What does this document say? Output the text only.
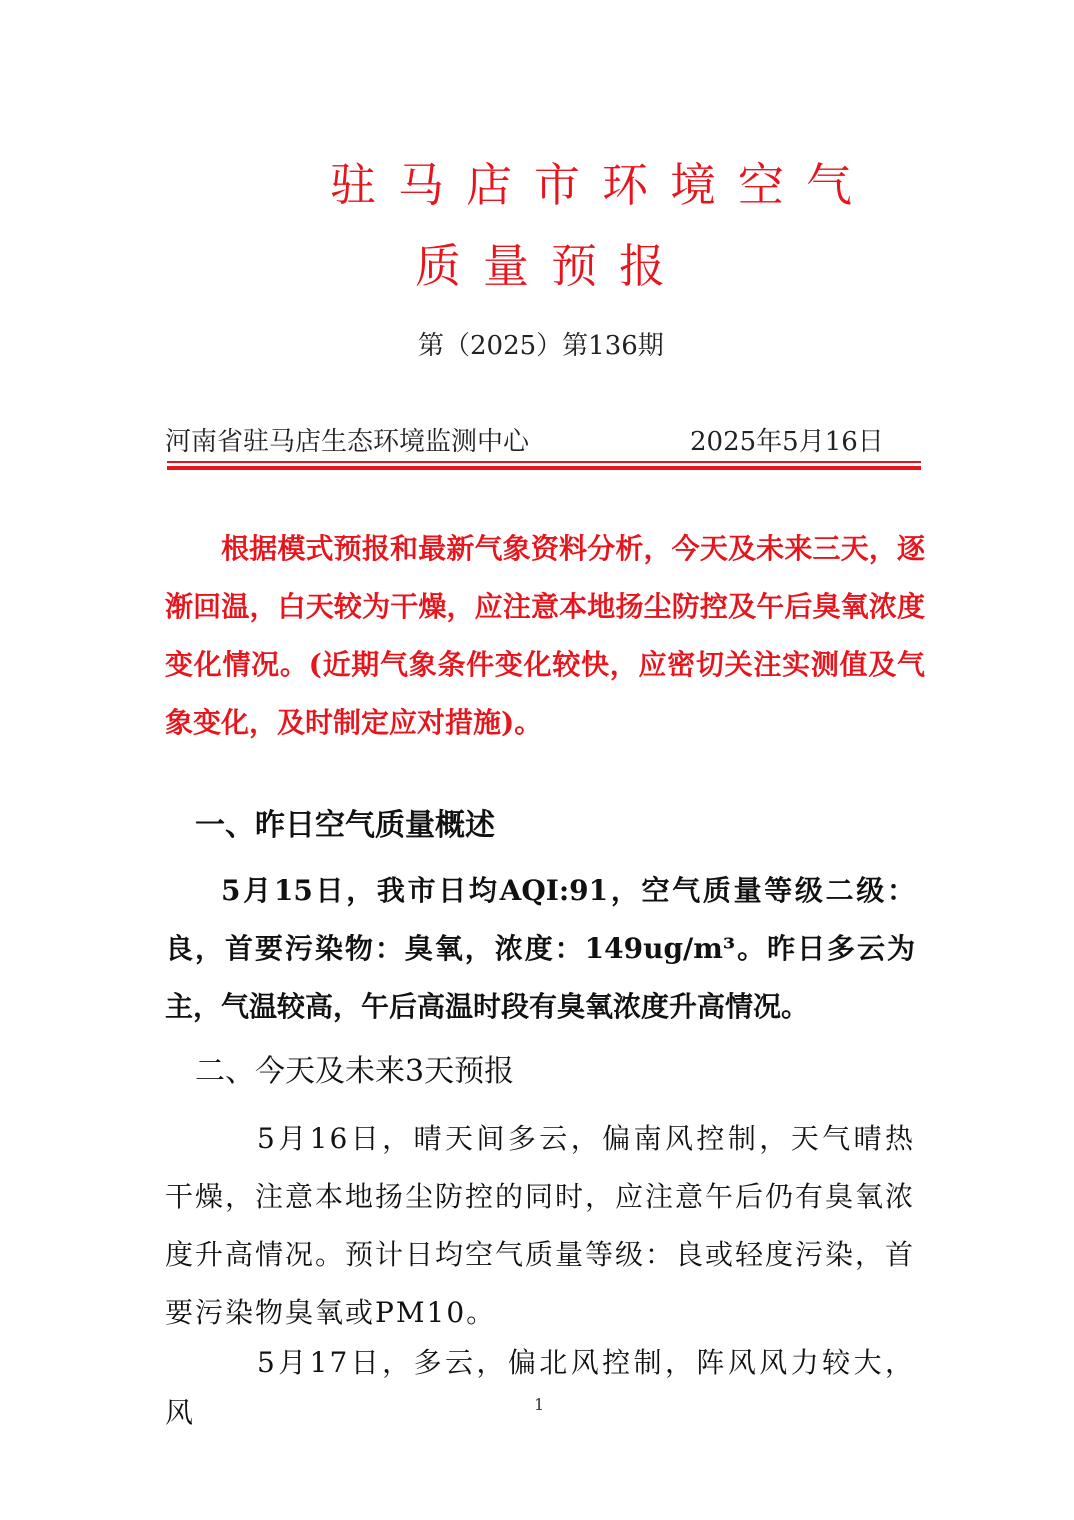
驻马店市环境空气
质量预报
第（2025）第136期
河南省驻马店生态环境监测中心	2025年5月16日

根据模式预报和最新气象资料分析，今天及未来三天，逐渐回温，白天较为干燥，应注意本地扬尘防控及午后臭氧浓度变化情况。(近期气象条件变化较快，应密切关注实测值及气象变化，及时制定应对措施)。

一、昨日空气质量概述

5月15日，我市日均AQI:91，空气质量等级二级：良，首要污染物：臭氧，浓度：149ug/m³。昨日多云为主，气温较高，午后高温时段有臭氧浓度升高情况。

二、今天及未来3天预报

5月16日，晴天间多云，偏南风控制，天气晴热干燥，注意本地扬尘防控的同时，应注意午后仍有臭氧浓度升高情况。预计日均空气质量等级：良或轻度污染，首要污染物臭氧或PM10。

5月17日，多云，偏北风控制，阵风风力较大，风	1
